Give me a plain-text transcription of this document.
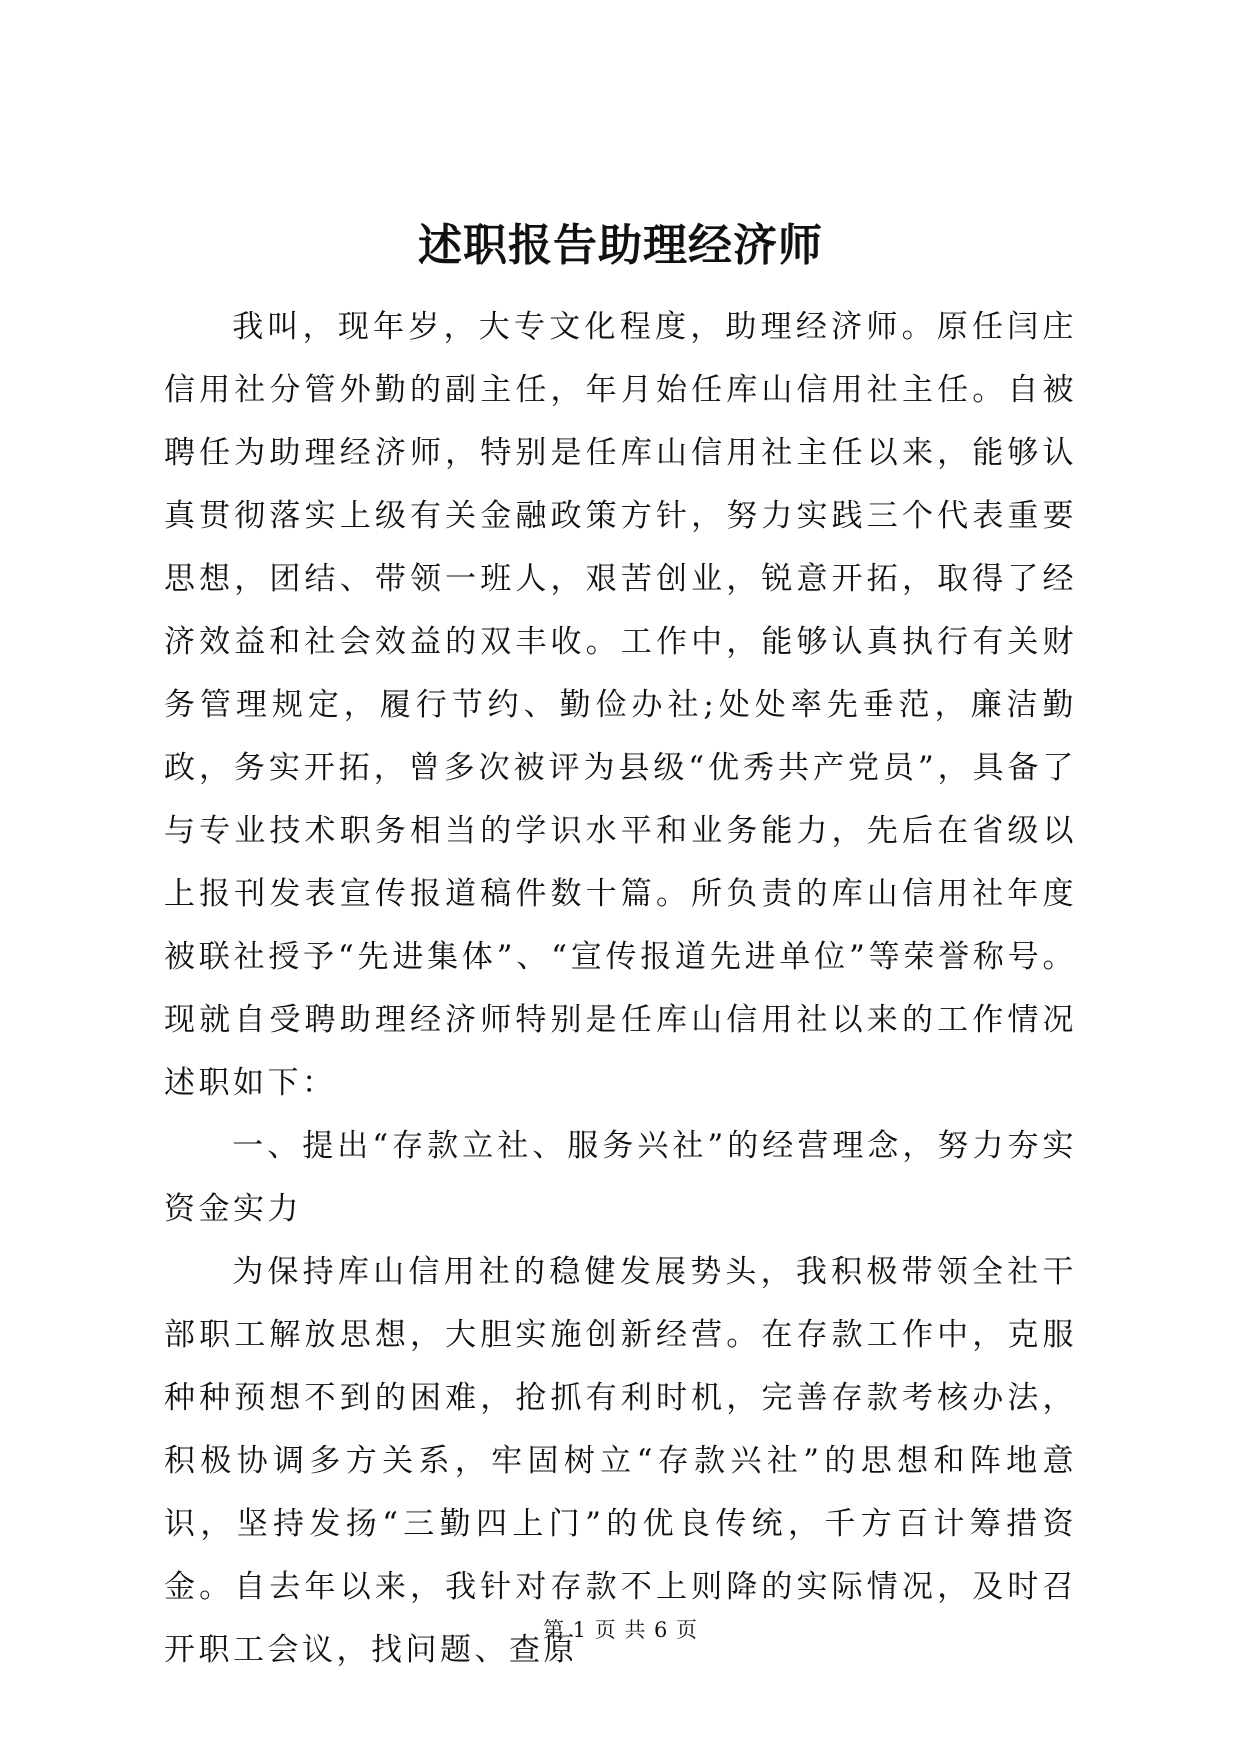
述职报告助理经济师

我叫，现年岁，大专文化程度，助理经济师。原任闫庄信用社分管外勤的副主任，年月始任库山信用社主任。自被聘任为助理经济师，特别是任库山信用社主任以来，能够认真贯彻落实上级有关金融政策方针，努力实践三个代表重要思想，团结、带领一班人，艰苦创业，锐意开拓，取得了经济效益和社会效益的双丰收。工作中，能够认真执行有关财务管理规定，履行节约、勤俭办社;处处率先垂范，廉洁勤政，务实开拓，曾多次被评为县级“优秀共产党员”，具备了与专业技术职务相当的学识水平和业务能力，先后在省级以上报刊发表宣传报道稿件数十篇。所负责的库山信用社年度被联社授予“先进集体”、“宣传报道先进单位”等荣誉称号。现就自受聘助理经济师特别是任库山信用社以来的工作情况述职如下：

一、提出“存款立社、服务兴社”的经营理念，努力夯实资金实力

为保持库山信用社的稳健发展势头，我积极带领全社干部职工解放思想，大胆实施创新经营。在存款工作中，克服种种预想不到的困难，抢抓有利时机，完善存款考核办法，积极协调多方关系，牢固树立“存款兴社”的思想和阵地意识，坚持发扬“三勤四上门”的优良传统，千方百计筹措资金。自去年以来，我针对存款不上则降的实际情况，及时召开职工会议，找问题、查原

第 1 页 共 6 页
